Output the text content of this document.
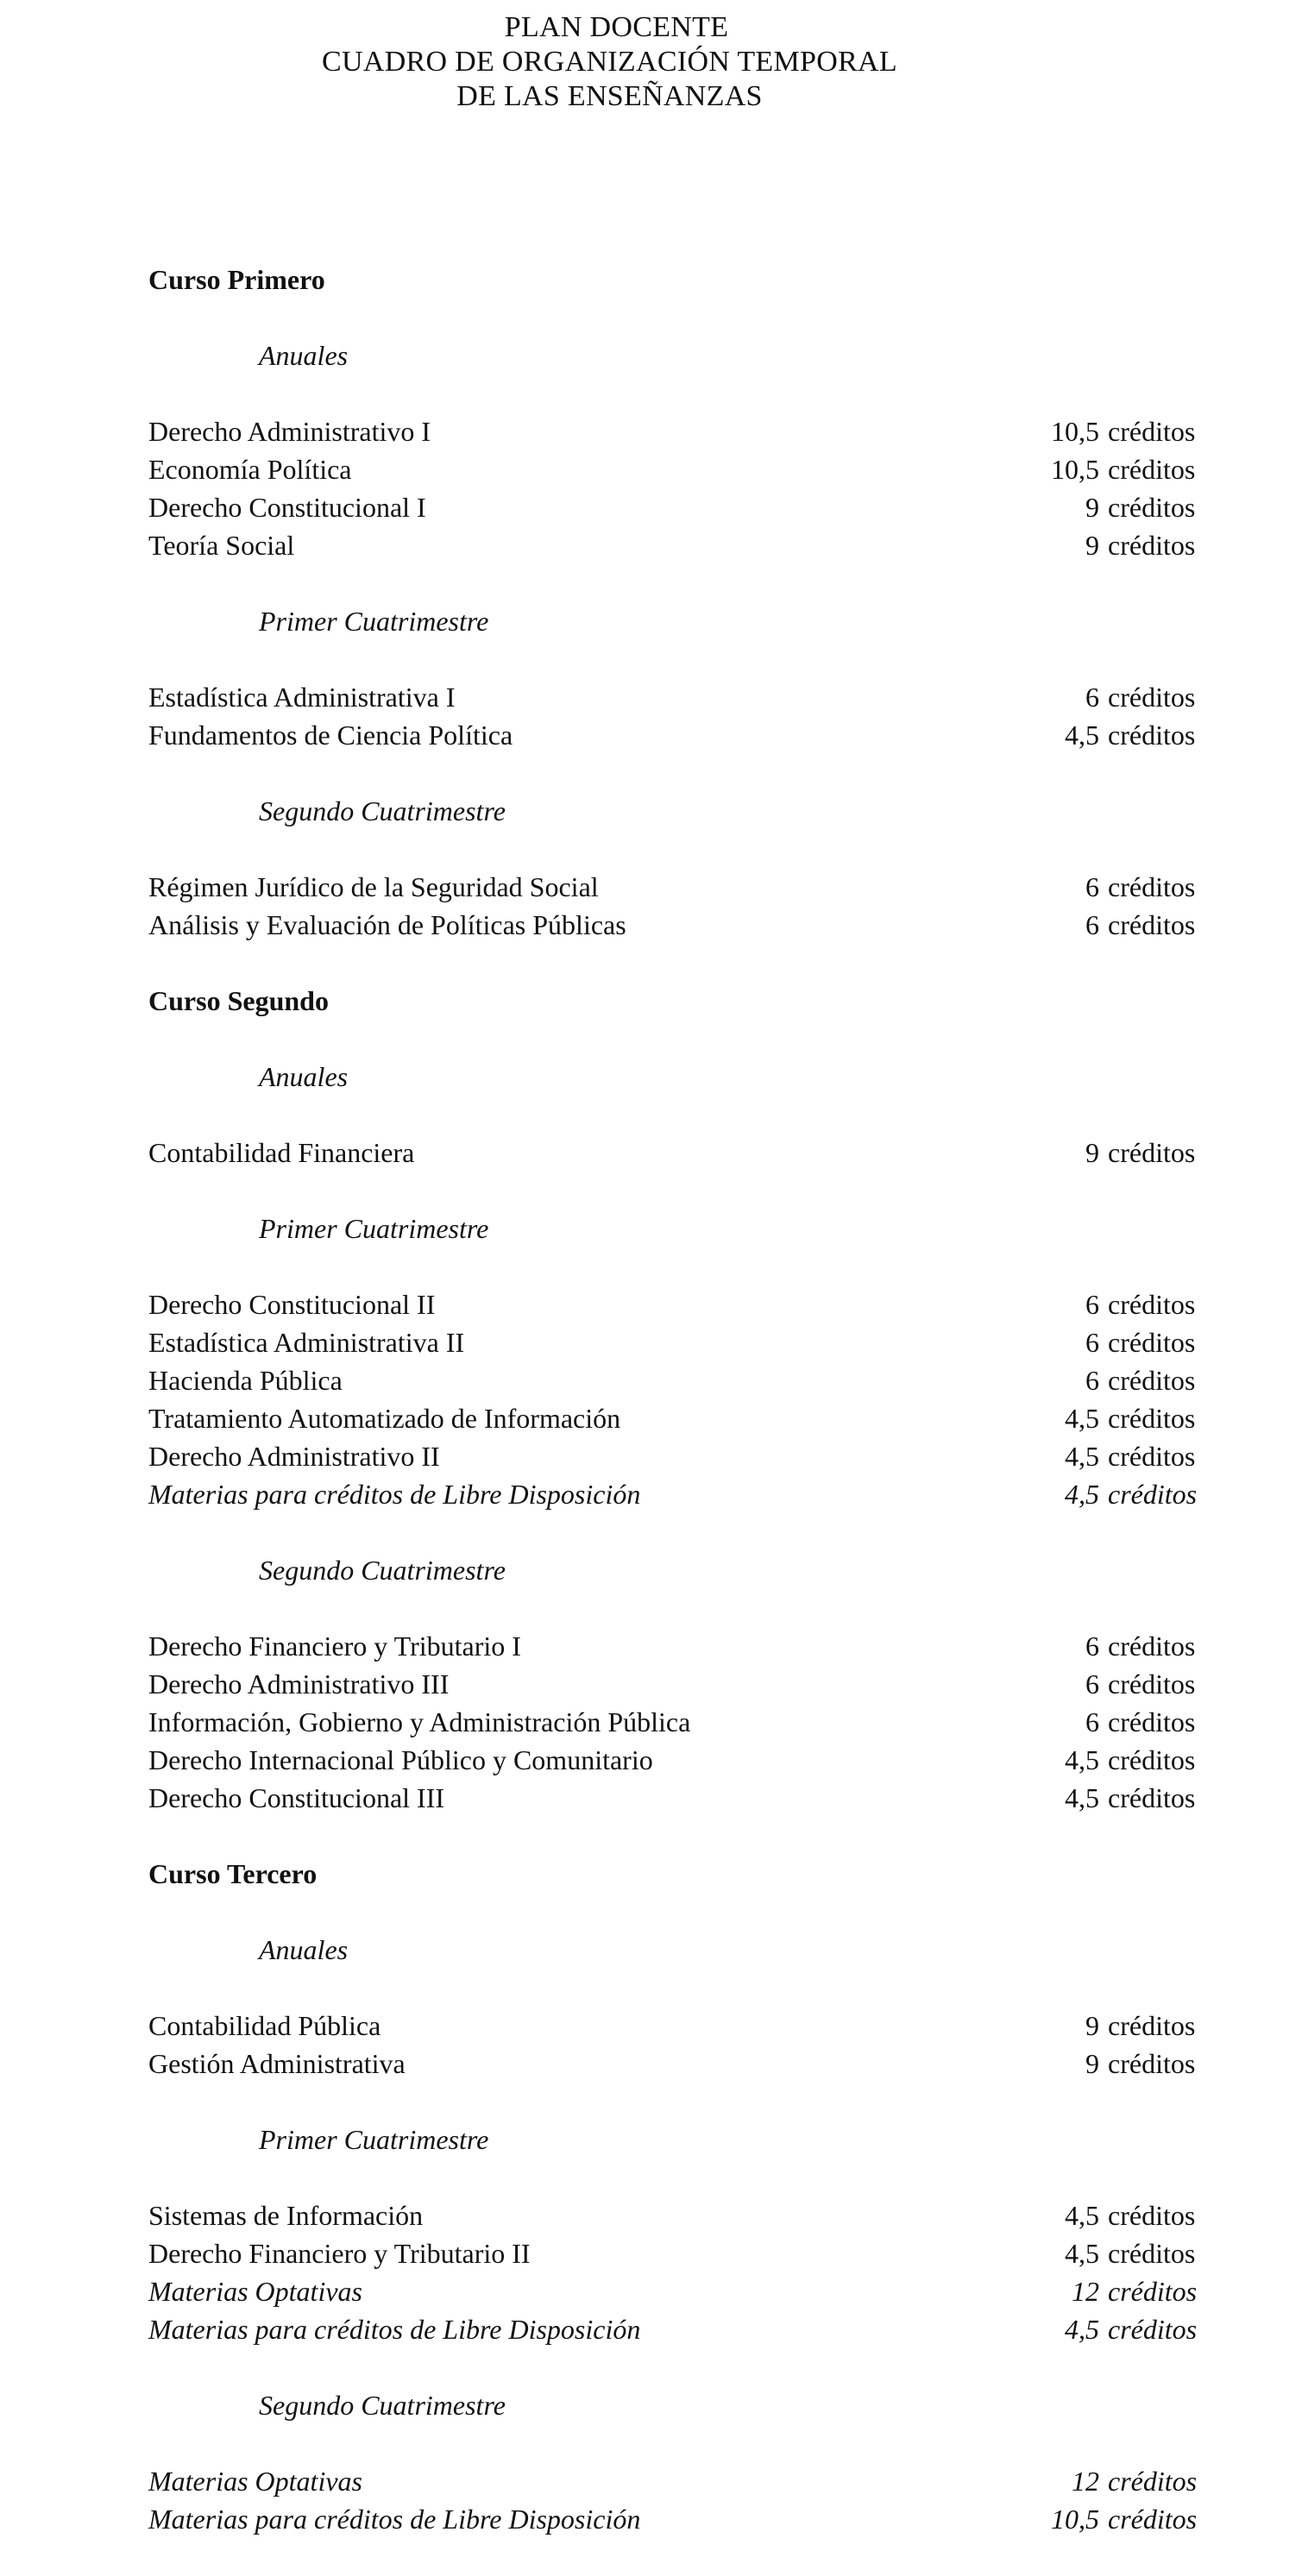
PLAN DOCENTE
CUADRO DE ORGANIZACIÓN TEMPORAL
DE LAS ENSEÑANZAS
Curso Primero
Anuales
Derecho Administrativo I	10,5 créditos
Economía Política	10,5 créditos
Derecho Constitucional I	9 créditos
Teoría Social	9 créditos
Primer Cuatrimestre
Estadística Administrativa I	6 créditos
Fundamentos de Ciencia Política	4,5 créditos
Segundo Cuatrimestre
Régimen Jurídico de la Seguridad Social	6 créditos
Análisis y Evaluación de Políticas Públicas	6 créditos
Curso Segundo
Anuales
Contabilidad Financiera	9 créditos
Primer Cuatrimestre
Derecho Constitucional II	6 créditos
Estadística Administrativa II	6 créditos
Hacienda Pública	6 créditos
Tratamiento Automatizado de Información	4,5 créditos
Derecho Administrativo II	4,5 créditos
Materias para créditos de Libre Disposición	4,5 créditos
Segundo Cuatrimestre
Derecho Financiero y Tributario I	6 créditos
Derecho Administrativo III	6 créditos
Información, Gobierno y Administración Pública	6 créditos
Derecho Internacional Público y Comunitario	4,5 créditos
Derecho Constitucional III	4,5 créditos
Curso Tercero
Anuales
Contabilidad Pública	9 créditos
Gestión Administrativa	9 créditos
Primer Cuatrimestre
Sistemas de Información	4,5 créditos
Derecho Financiero y Tributario II	4,5 créditos
Materias Optativas	12 créditos
Materias para créditos de Libre Disposición	4,5 créditos
Segundo Cuatrimestre
Materias Optativas	12 créditos
Materias para créditos de Libre Disposición	10,5 créditos
